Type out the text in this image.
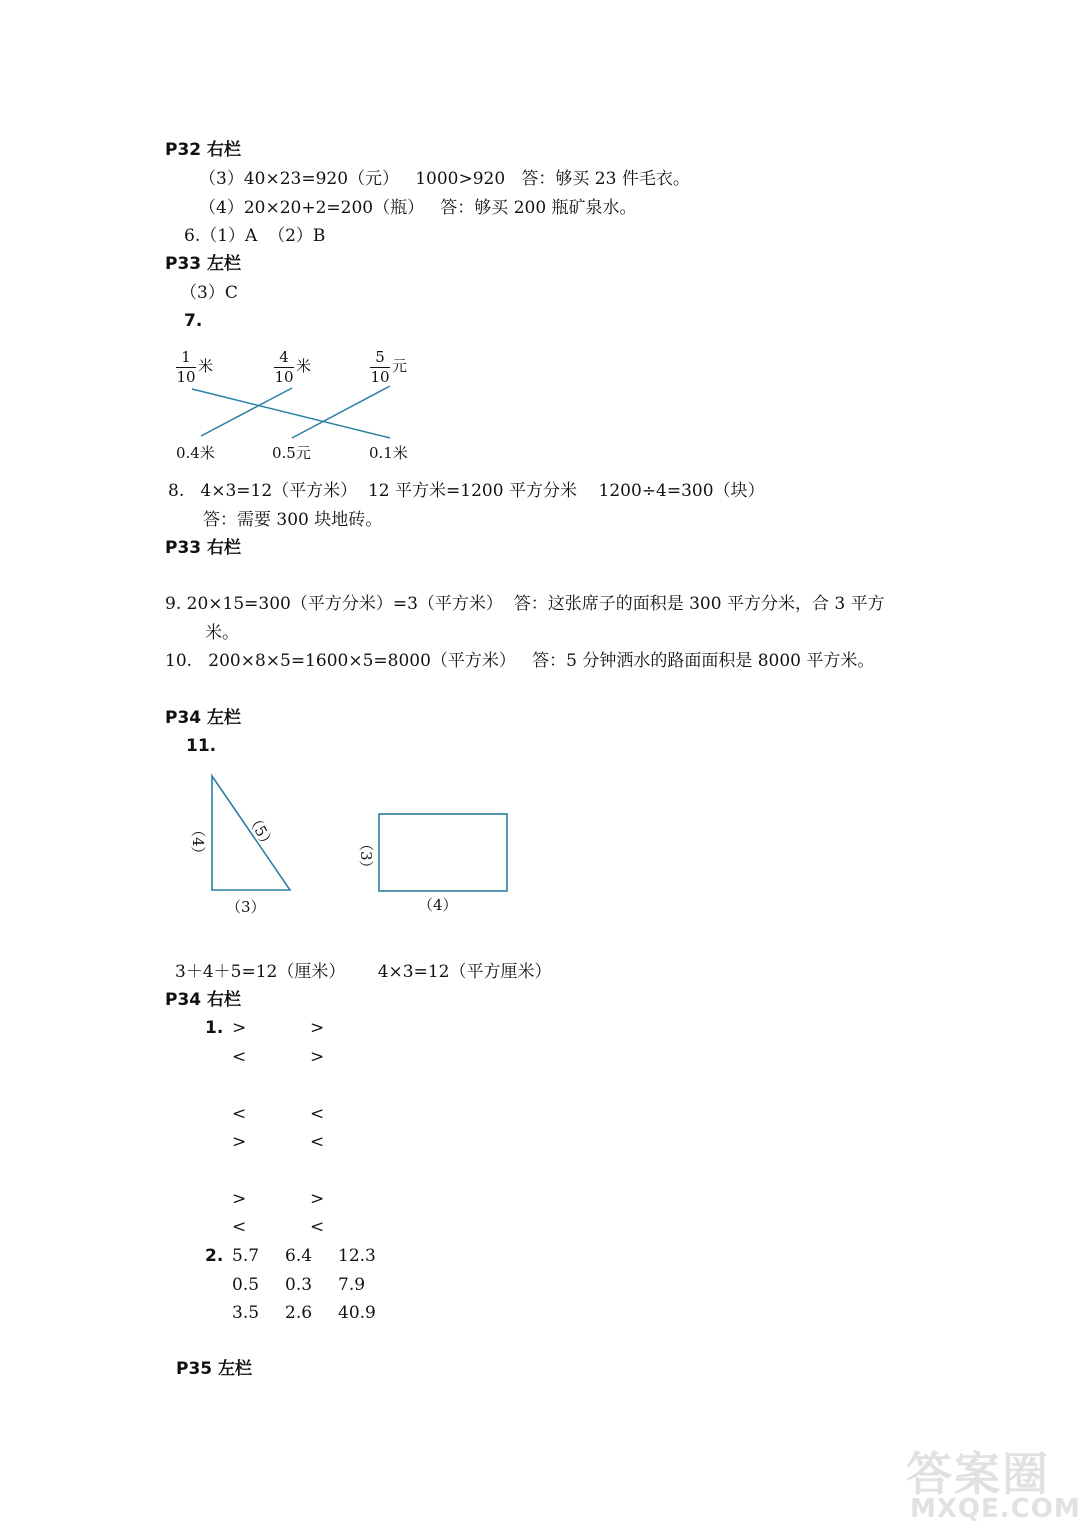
P32 右栏
（3）40×23=920（元）   1000>920   答：够买 23 件毛衣。
（4）20×20+2=200（瓶）   答：够买 200 瓶矿泉水。
6.（1）A  （2）B
P33 左栏
（3）C
7.
1
10
米	4
10
米	5
10
元
0.4米	0.5元	0.1米
8.   4×3=12（平方米）  12 平方米=1200 平方分米    1200÷4=300（块）
答：需要 300 块地砖。
P33 右栏
9. 20×15=300（平方分米）=3（平方米）  答：这张席子的面积是 300 平方分米，合 3 平方
米。
10.   200×8×5=1600×5=8000（平方米）   答：5 分钟洒水的路面面积是 8000 平方米。
P34 左栏
11.
（4） （5）
（3）
（3）
（4）
3＋4＋5=12（厘米）      4×3=12（平方厘米）
P34 右栏
1. >	>
<	>
<	<
>	<
>	>
<	<
2. 5.7 6.4 12.3
0.5 0.3 7.9
3.5 2.6 40.9
P35 左栏
答案圈
MXQE.COM
